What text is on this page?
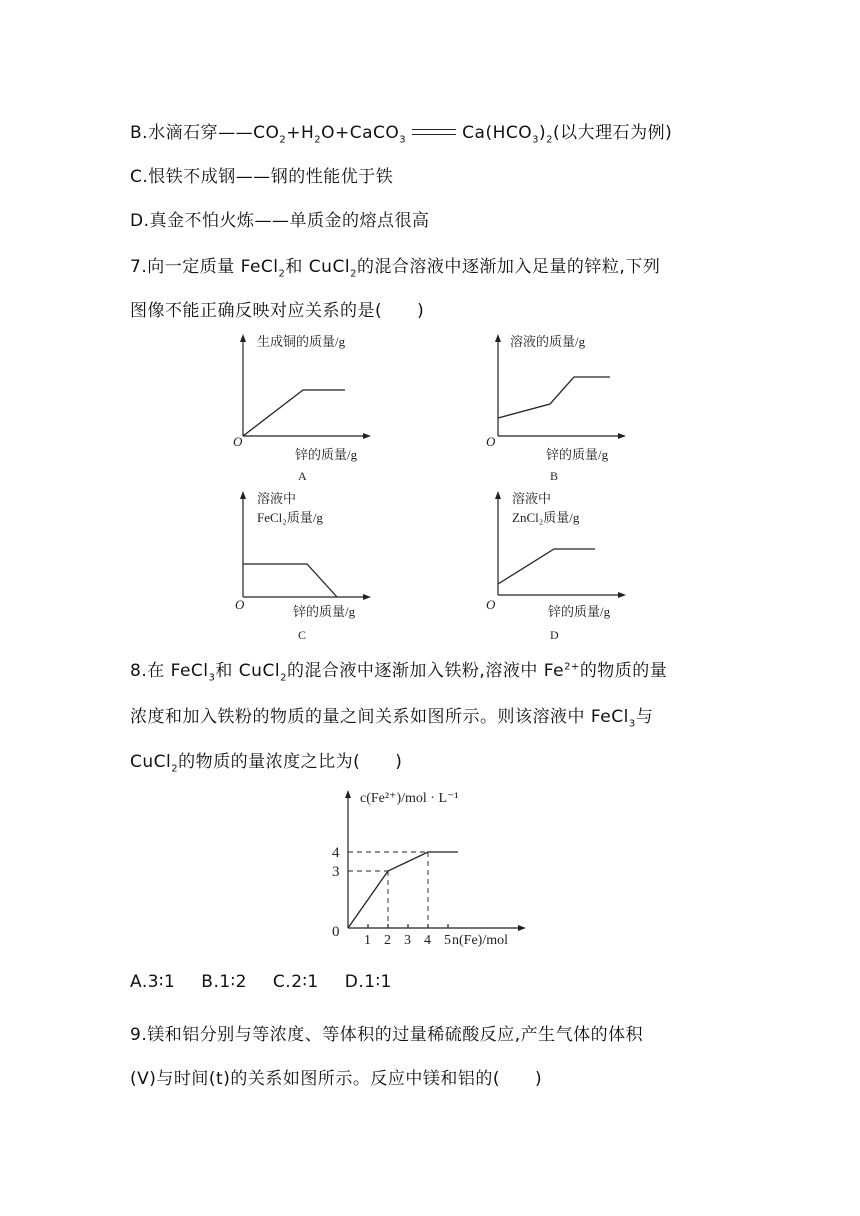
B.水滴石穿$——CO_2+H_2O+CaCO_3$	$Ca(HCO_3)_2$(以大理石为例)
C.恨铁不成钢——钢的性能优于铁
D.真金不怕火炼——单质金的熔点很高
7.向一定质量 FeCl$_2$和 CuCl$_2$的混合溶液中逐渐加入足量的锌粒,下列
图像不能正确反映对应关系的是(　　)
生成铜的质量/g
O
锌的质量/g
A
溶液的质量/g
O
锌的质量/g
B
溶液中
FeCl₂质量/g
O	锌的质量/g
C
溶液中
ZnCl₂质量/g
O	锌的质量/g
D
8.在 FeCl$_3$和 CuCl$_2$的混合液中逐渐加入铁粉,溶液中 $Fe^{2+}$的物质的量
浓度和加入铁粉的物质的量之间关系如图所示。则该溶液中 FeCl$_3$与
CuCl$_2$的物质的量浓度之比为(　　)
1 2 3 4 5
3
4
c(Fe²⁺)/mol · L⁻¹
n(Fe)/mol
0
A.3∶1 B.1∶2 C.2∶1 D.1∶1
9.镁和铝分别与等浓度、等体积的过量稀硫酸反应,产生气体的体积
(V)与时间(t)的关系如图所示。反应中镁和铝的(　　)
